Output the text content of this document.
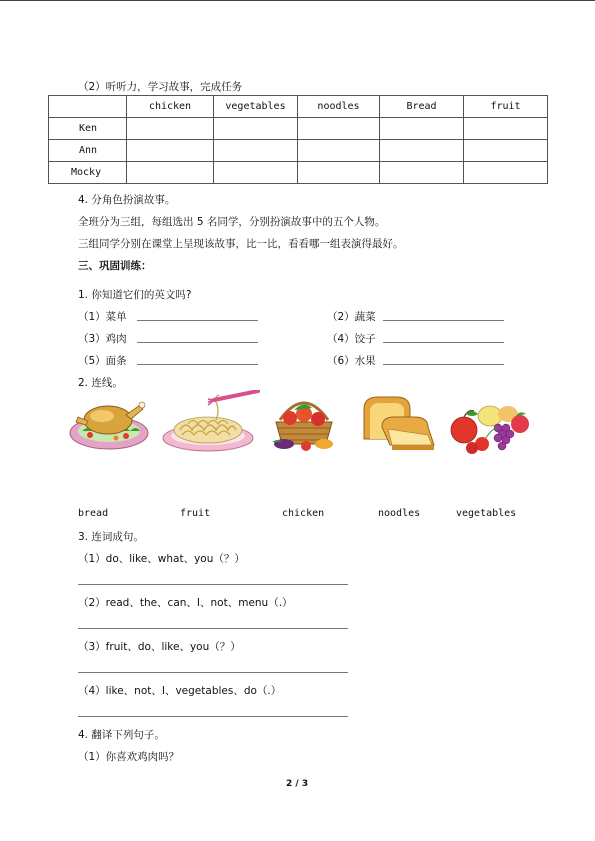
（2）听听力，学习故事，完成任务
	chicken	vegetables	noodles	Bread	fruit
Ken					
Ann					
Mocky					
4. 分角色扮演故事。
全班分为三组，每组选出 5 名同学，分别扮演故事中的五个人物。
三组同学分别在课堂上呈现该故事，比一比，看看哪一组表演得最好。
三、巩固训练：
1. 你知道它们的英文吗?
（1）菜单	（2）蔬菜
（3）鸡肉	（4）饺子
（5）面条	（6）水果
2. 连线。
bread	fruit	chicken	noodles	vegetables
3. 连词成句。
（1）do、like、what、you（？）
（2）read、the、can、I、not、menu（.）
（3）fruit、do、like、you（？）
（4）like、not、I、vegetables、do（.）
4. 翻译下列句子。
（1）你喜欢鸡肉吗？
2 / 3
